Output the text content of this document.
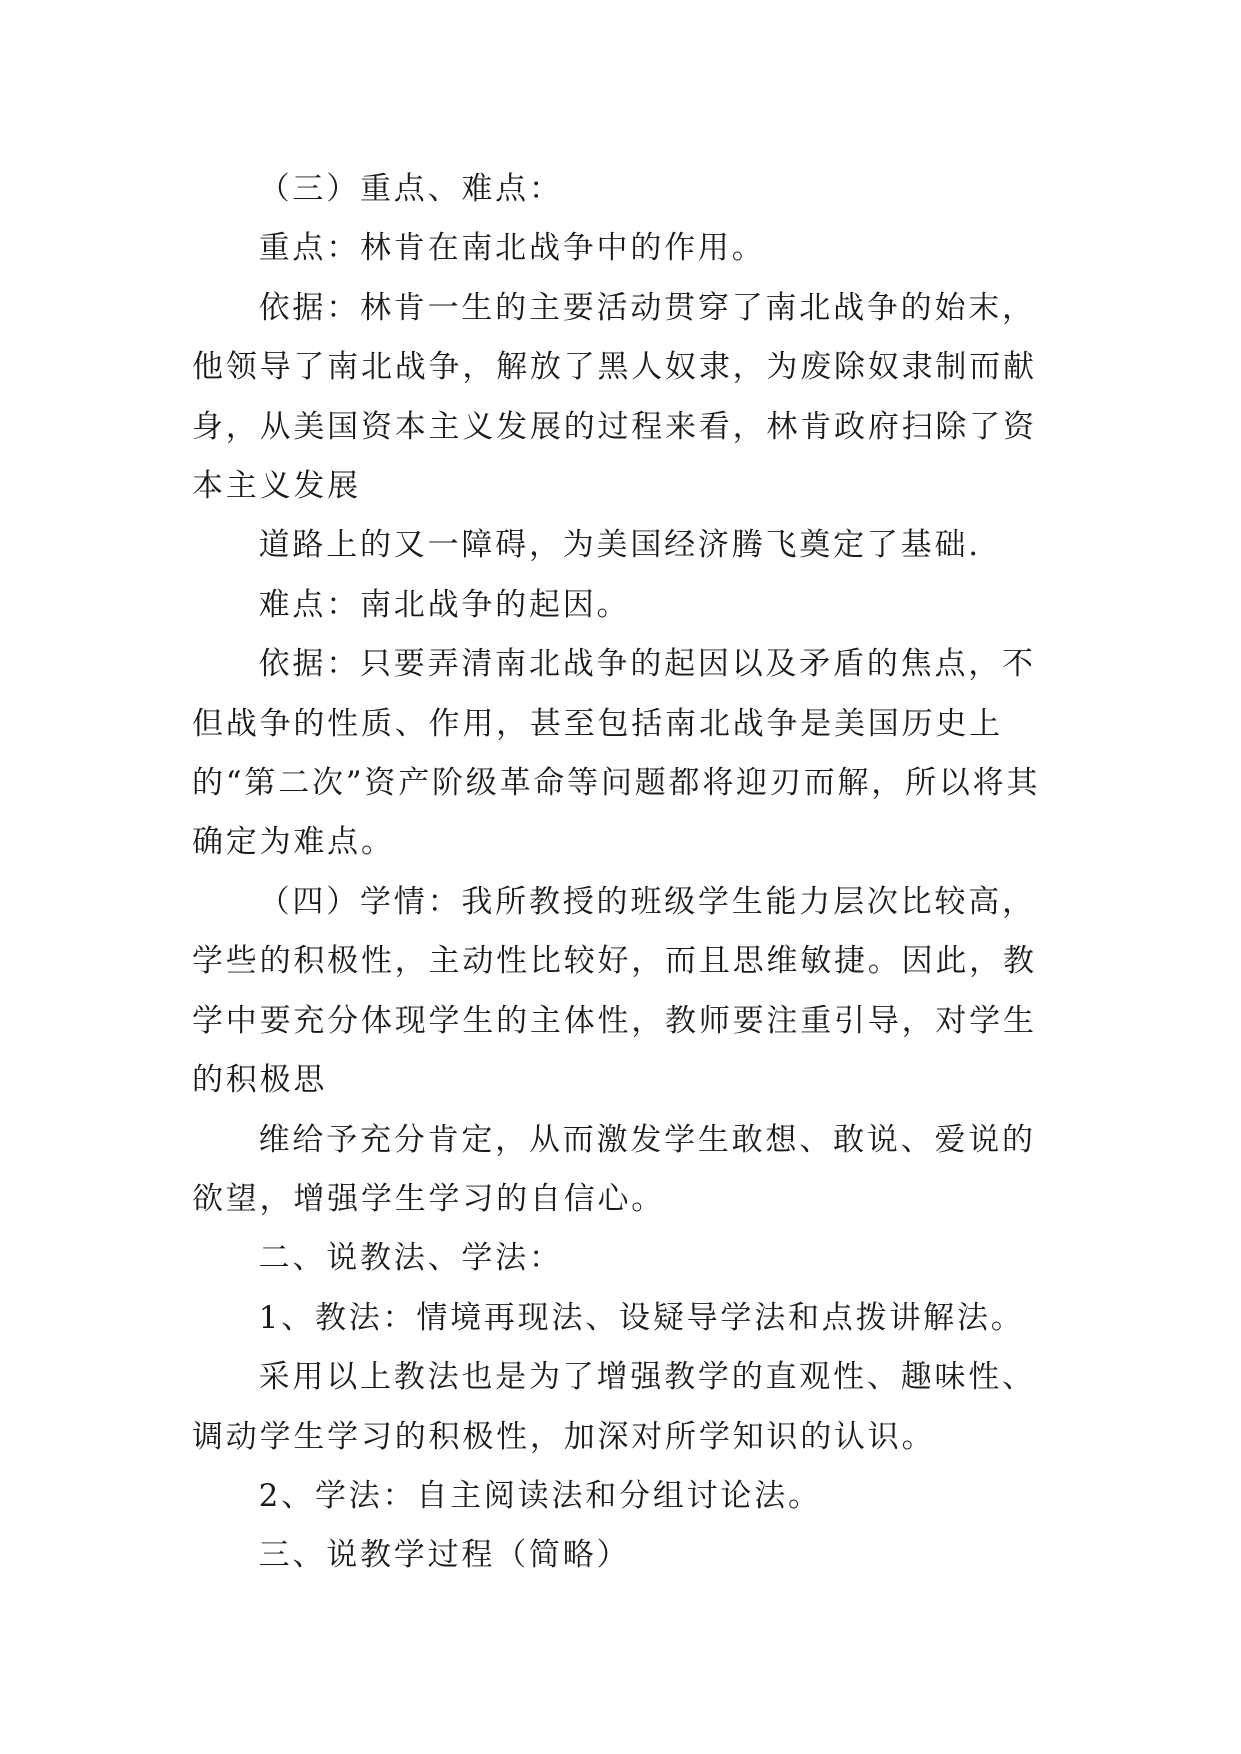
（三）重点、难点：

重点：林肯在南北战争中的作用。

依据：林肯一生的主要活动贯穿了南北战争的始末，他领导了南北战争，解放了黑人奴隶，为废除奴隶制而献身，从美国资本主义发展的过程来看，林肯政府扫除了资本主义发展

道路上的又一障碍，为美国经济腾飞奠定了基础.

难点：南北战争的起因。

依据：只要弄清南北战争的起因以及矛盾的焦点，不但战争的性质、作用，甚至包括南北战争是美国历史上的“第二次”资产阶级革命等问题都将迎刃而解，所以将其确定为难点。

（四）学情：我所教授的班级学生能力层次比较高，学些的积极性，主动性比较好，而且思维敏捷。因此，教学中要充分体现学生的主体性，教师要注重引导，对学生的积极思

维给予充分肯定，从而激发学生敢想、敢说、爱说的欲望，增强学生学习的自信心。

二、说教法、学法：

1、教法：情境再现法、设疑导学法和点拨讲解法。

采用以上教法也是为了增强教学的直观性、趣味性、调动学生学习的积极性，加深对所学知识的认识。

2、学法：自主阅读法和分组讨论法。

三、说教学过程（简略）
